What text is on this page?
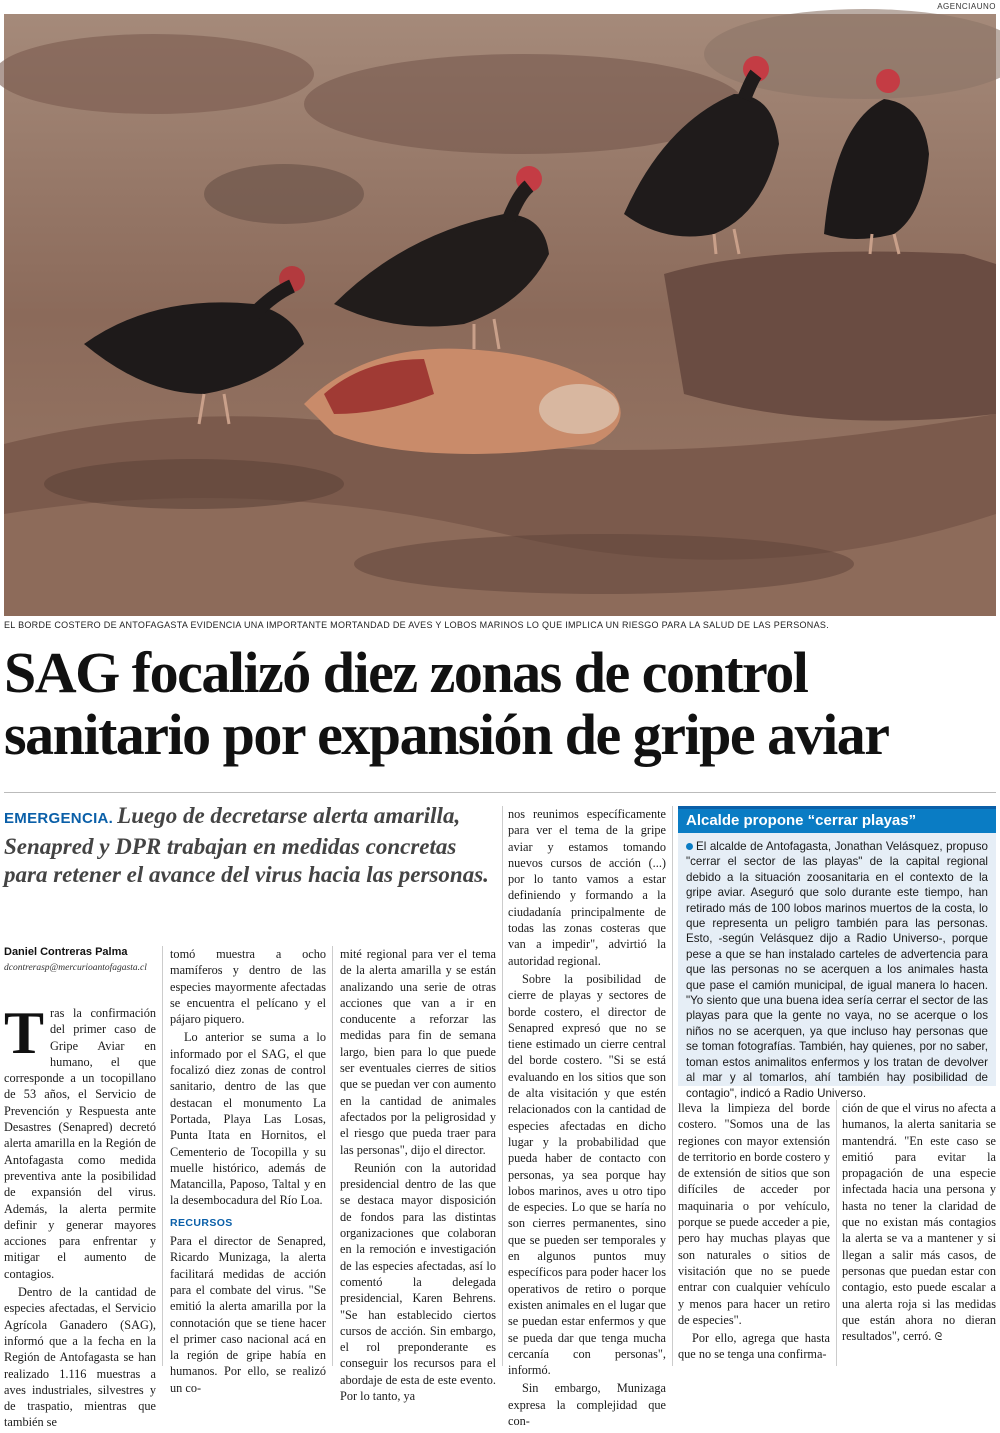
AGENCIAUNO
EL BORDE COSTERO DE ANTOFAGASTA EVIDENCIA UNA IMPORTANTE MORTANDAD DE AVES Y LOBOS MARINOS LO QUE IMPLICA UN RIESGO PARA LA SALUD DE LAS PERSONAS.
SAG focalizó diez zonas de control sanitario por expansión de gripe aviar
EMERGENCIA. Luego de decretarse alerta amarilla, Senapred y DPR trabajan en medidas concretas para retener el avance del virus hacia las personas.
Daniel Contreras Palma
dcontrerasp@mercurioantofagasta.cl

Tras la confirmación del primer caso de Gripe Aviar en humano, el que corresponde a un tocopillano de 53 años, el Servicio de Prevención y Respuesta ante Desastres (Senapred) decretó alerta amarilla en la Región de Antofagasta como medida preventiva ante la posibilidad de expansión del virus. Además, la alerta permite definir y generar mayores acciones para enfrentar y mitigar el aumento de contagios.

Dentro de la cantidad de especies afectadas, el Servicio Agrícola Ganadero (SAG), informó que a la fecha en la Región de Antofagasta se han realizado 1.116 muestras a aves industriales, silvestres y de traspatio, mientras que también se

tomó muestra a ocho mamíferos y dentro de las especies mayormente afectadas se encuentra el pelícano y el pájaro piquero.

Lo anterior se suma a lo informado por el SAG, el que focalizó diez zonas de control sanitario, dentro de las que destacan el monumento La Portada, Playa Las Losas, Punta Itata en Hornitos, el Cementerio de Tocopilla y su muelle histórico, además de Matancilla, Paposo, Taltal y en la desembocadura del Río Loa.

RECURSOS

Para el director de Senapred, Ricardo Munizaga, la alerta facilitará medidas de acción para el combate del virus. "Se emitió la alerta amarilla por la connotación que se tiene hacer el primer caso nacional acá en la región de gripe había en humanos. Por ello, se realizó un co-

mité regional para ver el tema de la alerta amarilla y se están analizando una serie de otras acciones que van a ir en conducente a reforzar las medidas para fin de semana largo, bien para lo que puede ser eventuales cierres de sitios que se puedan ver con aumento en la cantidad de animales afectados por la peligrosidad y el riesgo que pueda traer para las personas", dijo el director.

Reunión con la autoridad presidencial dentro de las que se destaca mayor disposición de fondos para las distintas organizaciones que colaboran en la remoción e investigación de las especies afectadas, así lo comentó la delegada presidencial, Karen Behrens. "Se han establecido ciertos cursos de acción. Sin embargo, el rol preponderante es conseguir los recursos para el abordaje de esta de este evento. Por lo tanto, ya

nos reunimos específicamente para ver el tema de la gripe aviar y estamos tomando nuevos cursos de acción (...) por lo tanto vamos a estar definiendo y formando a la ciudadanía principalmente de todas las zonas costeras que van a impedir", advirtió la autoridad regional.

Sobre la posibilidad de cierre de playas y sectores de borde costero, el director de Senapred expresó que no se tiene estimado un cierre central del borde costero. "Si se está evaluando en los sitios que son de alta visitación y que estén relacionados con la cantidad de especies afectadas en dicho lugar y la probabilidad que pueda haber de contacto con personas, ya sea porque hay lobos marinos, aves u otro tipo de especies. Lo que se haría no son cierres permanentes, sino que se pueden ser temporales y en algunos puntos muy específicos para poder hacer los operativos de retiro o porque existen animales en el lugar que se puedan estar enfermos y que se pueda dar que tenga mucha cercanía con personas", informó.

Sin embargo, Munizaga expresa la complejidad que con-

Alcalde propone “cerrar playas”
El alcalde de Antofagasta, Jonathan Velásquez, propuso "cerrar el sector de las playas" de la capital regional debido a la situación zoosanitaria en el contexto de la gripe aviar. Aseguró que solo durante este tiempo, han retirado más de 100 lobos marinos muertos de la costa, lo que representa un peligro también para las personas. Esto, -según Velásquez dijo a Radio Universo-, porque pese a que se han instalado carteles de advertencia para que las personas no se acerquen a los animales hasta que pase el camión municipal, de igual manera lo hacen. "Yo siento que una buena idea sería cerrar el sector de las playas para que la gente no vaya, no se acerque o los niños no se acerquen, ya que incluso hay personas que se toman fotografías. También, hay quienes, por no saber, toman estos animalitos enfermos y los tratan de devolver al mar y al tomarlos, ahí también hay posibilidad de contagio", indicó a Radio Universo.

lleva la limpieza del borde costero. "Somos una de las regiones con mayor extensión de territorio en borde costero y de extensión de sitios que son difíciles de acceder por maquinaria o por vehículo, porque se puede acceder a pie, pero hay muchas playas que son naturales o sitios de visitación que no se puede entrar con cualquier vehículo y menos para hacer un retiro de especies".

Por ello, agrega que hasta que no se tenga una confirma-

ción de que el virus no afecta a humanos, la alerta sanitaria se mantendrá. "En este caso se emitió para evitar la propagación de una especie infectada hacia una persona y hasta no tener la claridad de que no existan más contagios la alerta se va a mantener y si llegan a salir más casos, de personas que puedan estar con contagio, esto puede escalar a una alerta roja si las medidas que están ahora no dieran resultados", cerró. ᘓ
